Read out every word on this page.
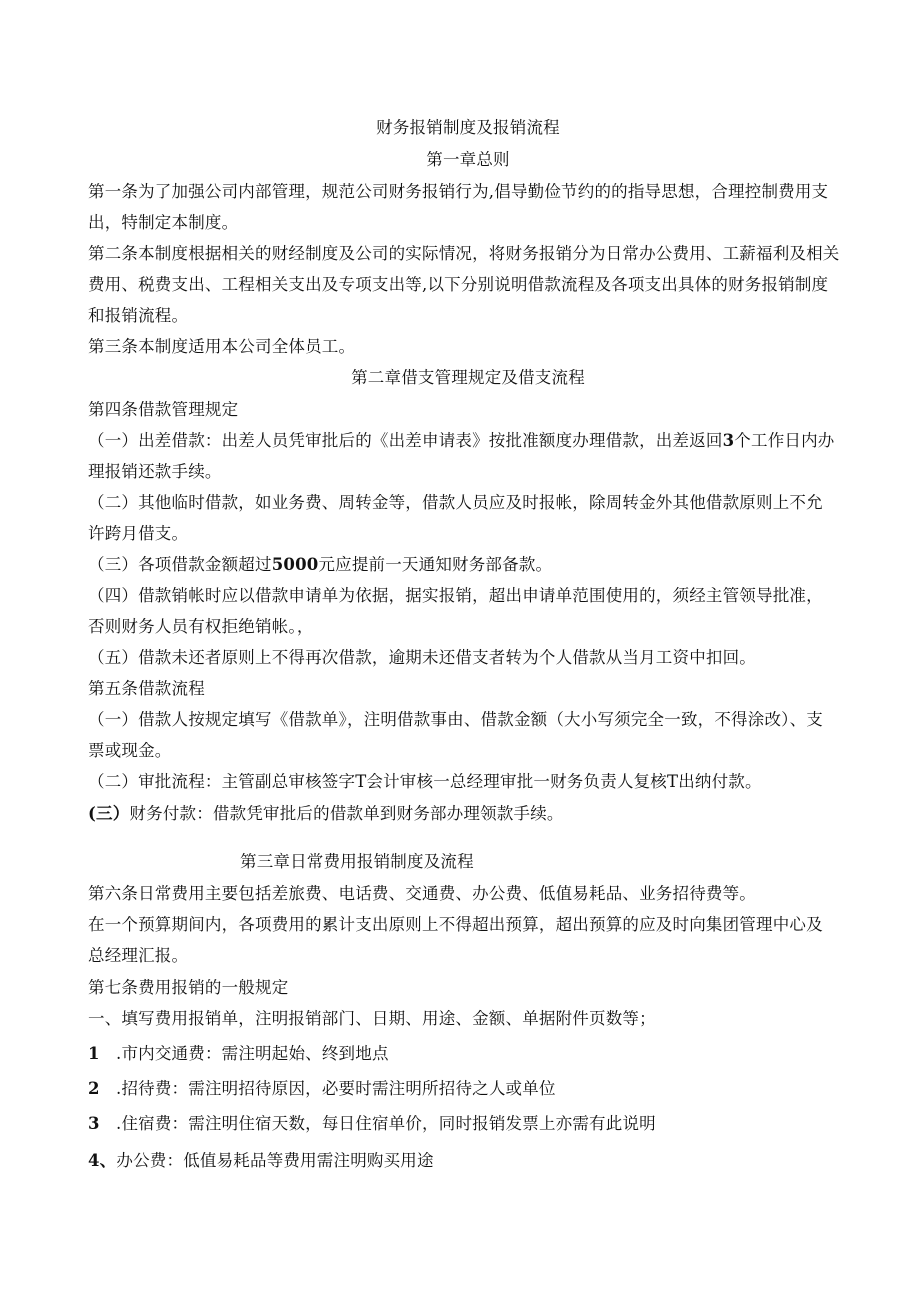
财务报销制度及报销流程
第一章总则
第一条为了加强公司内部管理，规范公司财务报销行为,倡导勤俭节约的的指导思想，合理控制费用支
出，特制定本制度。
第二条本制度根据相关的财经制度及公司的实际情况，将财务报销分为日常办公费用、工薪福利及相关
费用、税费支出、工程相关支出及专项支出等,以下分别说明借款流程及各项支出具体的财务报销制度
和报销流程。
第三条本制度适用本公司全体员工。
第二章借支管理规定及借支流程
第四条借款管理规定
（一）出差借款：出差人员凭审批后的《出差申请表》按批准额度办理借款，出差返回3个工作日内办
理报销还款手续。
（二）其他临时借款，如业务费、周转金等，借款人员应及时报帐，除周转金外其他借款原则上不允
许跨月借支。
（三）各项借款金额超过5000元应提前一天通知财务部备款。
（四）借款销帐时应以借款申请单为依据，据实报销，超出申请单范围使用的，须经主管领导批准，
否则财务人员有权拒绝销帐。，
（五）借款未还者原则上不得再次借款，逾期未还借支者转为个人借款从当月工资中扣回。
第五条借款流程
（一）借款人按规定填写《借款单》，注明借款事由、借款金额（大小写须完全一致，不得涂改）、支
票或现金。
（二）审批流程：主管副总审核签字T会计审核一总经理审批一财务负责人复核T出纳付款。
(三）财务付款：借款凭审批后的借款单到财务部办理领款手续。
第三章日常费用报销制度及流程
第六条日常费用主要包括差旅费、电话费、交通费、办公费、低值易耗品、业务招待费等。
在一个预算期间内，各项费用的累计支出原则上不得超出预算，超出预算的应及时向集团管理中心及
总经理汇报。
第七条费用报销的一般规定
一、填写费用报销单，注明报销部门、日期、用途、金额、单据附件页数等；
1 .市内交通费：需注明起始、终到地点
2 .招待费：需注明招待原因，必要时需注明所招待之人或单位
3 .住宿费：需注明住宿天数，每日住宿单价，同时报销发票上亦需有此说明
4、办公费：低值易耗品等费用需注明购买用途
